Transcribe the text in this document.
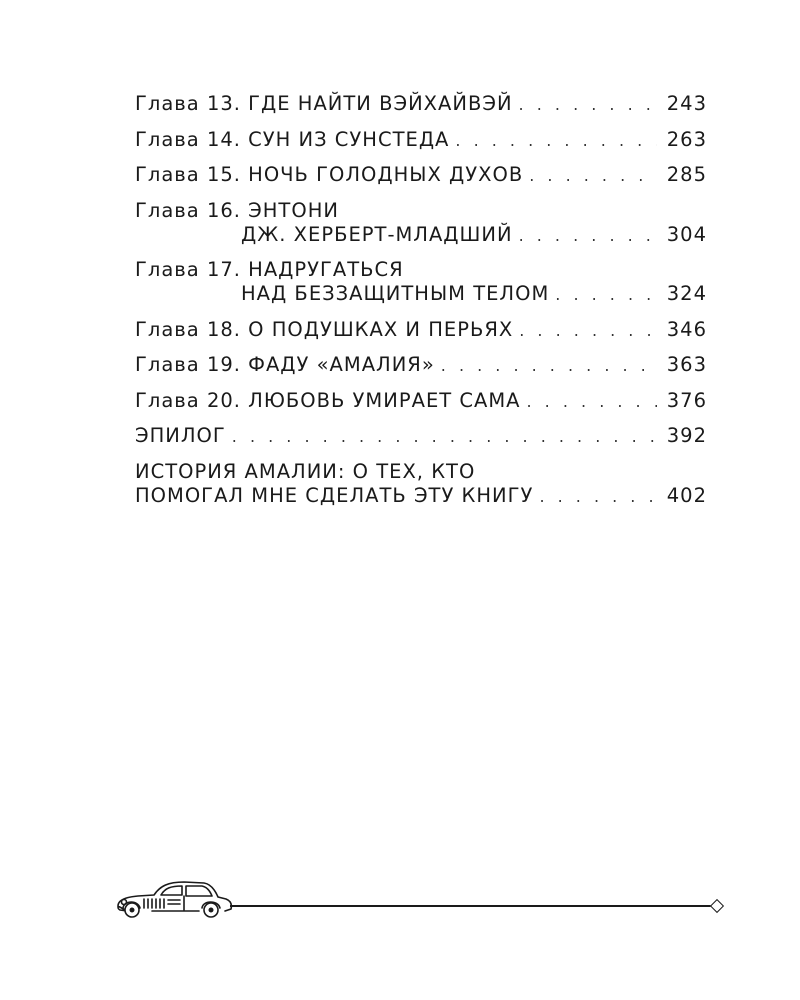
Глава 13. ГДЕ НАЙТИ ВЭЙХАЙВЭЙ . . .	243
Глава 14. СУН ИЗ СУНСТЕДА . . .	263
Глава 15. НОЧЬ ГОЛОДНЫХ ДУХОВ . . .	285
Глава 16. ЭНТОНИ
ДЖ. ХЕРБЕРТ-МЛАДШИЙ . . .	304
Глава 17. НАДРУГАТЬСЯ
НАД БЕЗЗАЩИТНЫМ ТЕЛОМ . . .	324
Глава 18. О ПОДУШКАХ И ПЕРЬЯХ . . .	346
Глава 19. ФАДУ «АМАЛИЯ» . . .	363
Глава 20. ЛЮБОВЬ УМИРАЕТ САМА . . .	376
ЭПИЛОГ . . .	392
ИСТОРИЯ АМАЛИИ: О ТЕХ, КТО
ПОМОГАЛ МНЕ СДЕЛАТЬ ЭТУ КНИГУ . . .	402
